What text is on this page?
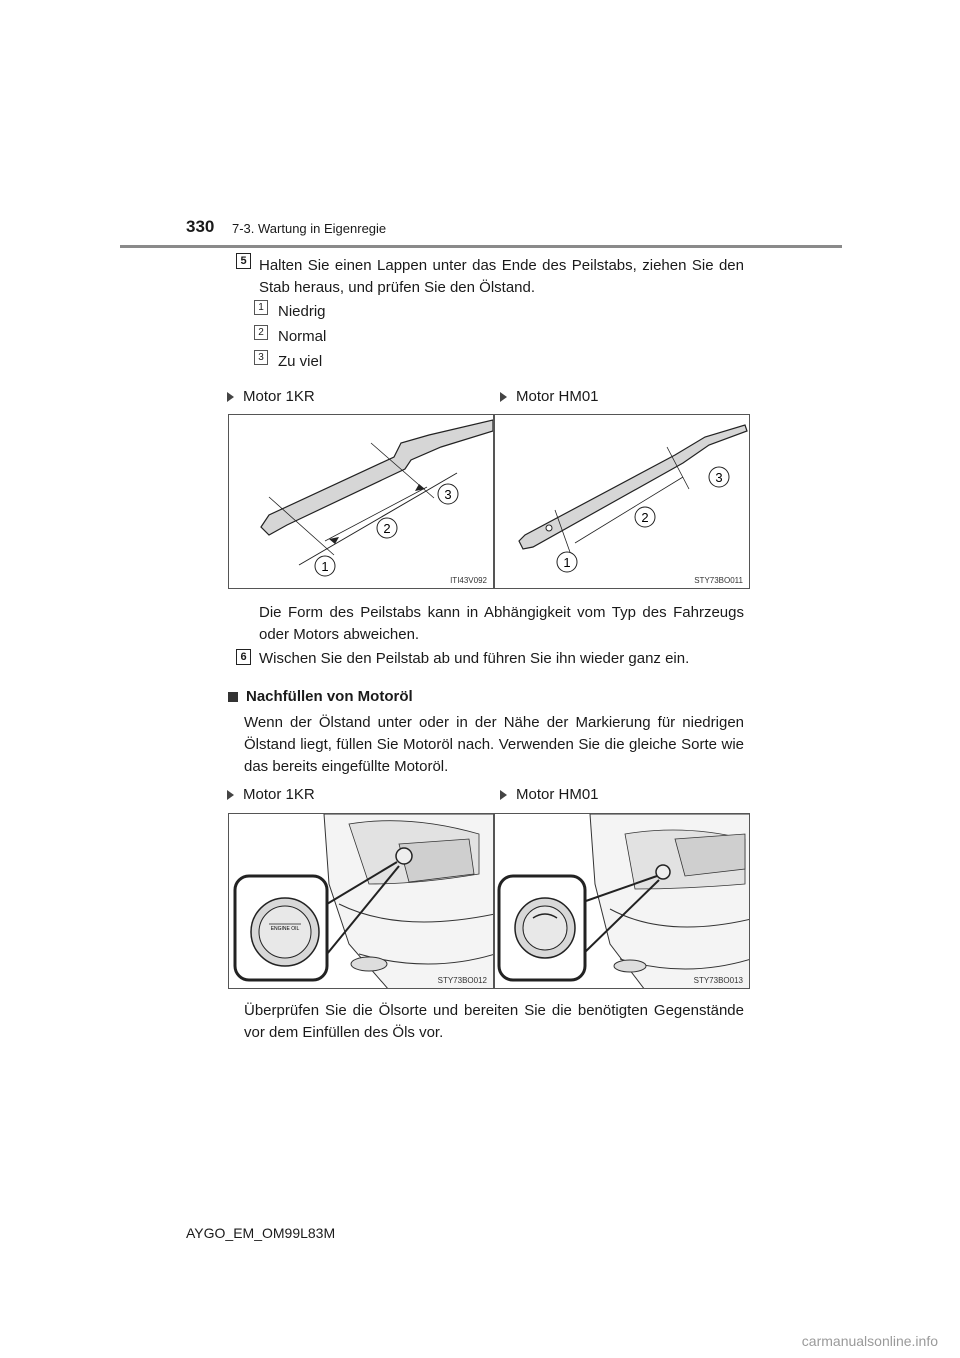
330 7-3. Wartung in Eigenregie
5 Halten Sie einen Lappen unter das Ende des Peilstabs, ziehen Sie den Stab heraus, und prüfen Sie den Ölstand.
1 Niedrig
2 Normal
3 Zu viel
Motor 1KR	Motor HM01
1
2
3
ITI43V092
1
2
3
STY73BO011
Die Form des Peilstabs kann in Abhängigkeit vom Typ des Fahrzeugs oder Motors abweichen.
6 Wischen Sie den Peilstab ab und führen Sie ihn wieder ganz ein.
Nachfüllen von Motoröl
Wenn der Ölstand unter oder in der Nähe der Markierung für niedrigen Ölstand liegt, füllen Sie Motoröl nach. Verwenden Sie die gleiche Sorte wie das bereits eingefüllte Motoröl.
Motor 1KR	Motor HM01
ENGINE OIL
STY73BO012	STY73BO013
Überprüfen Sie die Ölsorte und bereiten Sie die benötigten Gegenstände vor dem Einfüllen des Öls vor.
AYGO_EM_OM99L83M
carmanualsonline.info
